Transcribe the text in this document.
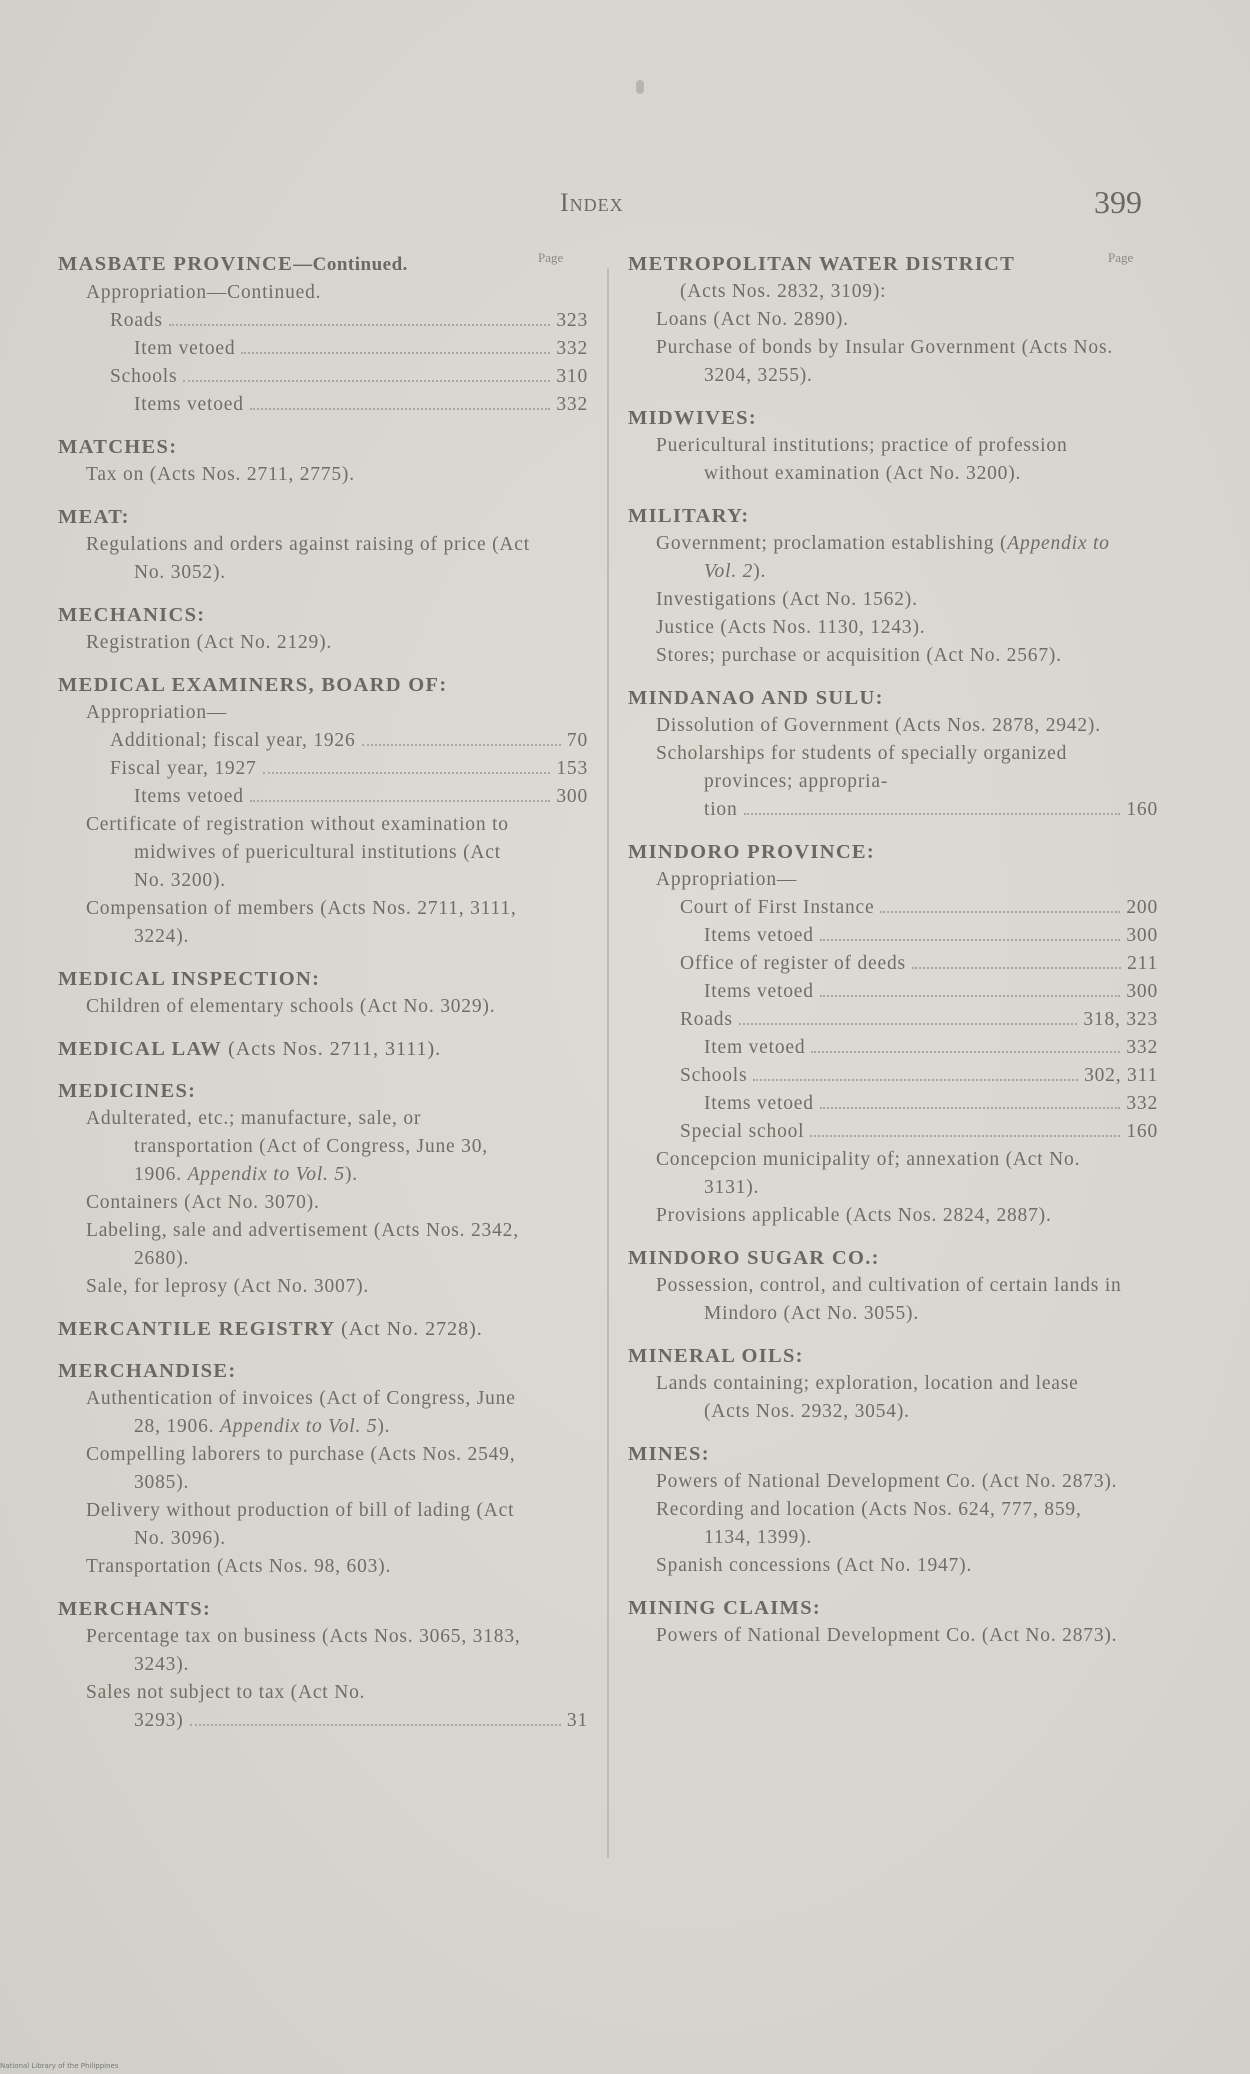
Index	399
Page	Page
MASBATE PROVINCE—Continued.
Appropriation—Continued.
Roads	323
Item vetoed	332
Schools	310
Items vetoed	332
MATCHES:
Tax on (Acts Nos. 2711, 2775).
MEAT:
Regulations and orders against raising of price (Act No. 3052).
MECHANICS:
Registration (Act No. 2129).
MEDICAL EXAMINERS, BOARD OF:
Appropriation—
Additional; fiscal year, 1926	70
Fiscal year, 1927	153
Items vetoed	300
Certificate of registration without examination to midwives of puericultural institutions (Act No. 3200).
Compensation of members (Acts Nos. 2711, 3111, 3224).
MEDICAL INSPECTION:
Children of elementary schools (Act No. 3029).
MEDICAL LAW (Acts Nos. 2711, 3111).
MEDICINES:
Adulterated, etc.; manufacture, sale, or transportation (Act of Congress, June 30, 1906. Appendix to Vol. 5).
Containers (Act No. 3070).
Labeling, sale and advertisement (Acts Nos. 2342, 2680).
Sale, for leprosy (Act No. 3007).
MERCANTILE REGISTRY (Act No. 2728).
MERCHANDISE:
Authentication of invoices (Act of Congress, June 28, 1906. Appendix to Vol. 5).
Compelling laborers to purchase (Acts Nos. 2549, 3085).
Delivery without production of bill of lading (Act No. 3096).
Transportation (Acts Nos. 98, 603).
MERCHANTS:
Percentage tax on business (Acts Nos. 3065, 3183, 3243).
Sales not subject to tax (Act No.
3293)	31
METROPOLITAN WATER DISTRICT
(Acts Nos. 2832, 3109):
Loans (Act No. 2890).
Purchase of bonds by Insular Government (Acts Nos. 3204, 3255).
MIDWIVES:
Puericultural institutions; practice of profession without examination (Act No. 3200).
MILITARY:
Government; proclamation establishing (Appendix to Vol. 2).
Investigations (Act No. 1562).
Justice (Acts Nos. 1130, 1243).
Stores; purchase or acquisition (Act No. 2567).
MINDANAO AND SULU:
Dissolution of Government (Acts Nos. 2878, 2942).
Scholarships for students of specially organized provinces; appropria-
tion	160
MINDORO PROVINCE:
Appropriation—
Court of First Instance	200
Items vetoed	300
Office of register of deeds	211
Items vetoed	300
Roads	318, 323
Item vetoed	332
Schools	302, 311
Items vetoed	332
Special school	160
Concepcion municipality of; annexation (Act No. 3131).
Provisions applicable (Acts Nos. 2824, 2887).
MINDORO SUGAR CO.:
Possession, control, and cultivation of certain lands in Mindoro (Act No. 3055).
MINERAL OILS:
Lands containing; exploration, location and lease (Acts Nos. 2932, 3054).
MINES:
Powers of National Development Co. (Act No. 2873).
Recording and location (Acts Nos. 624, 777, 859, 1134, 1399).
Spanish concessions (Act No. 1947).
MINING CLAIMS:
Powers of National Development Co. (Act No. 2873).
National Library of the Philippines
